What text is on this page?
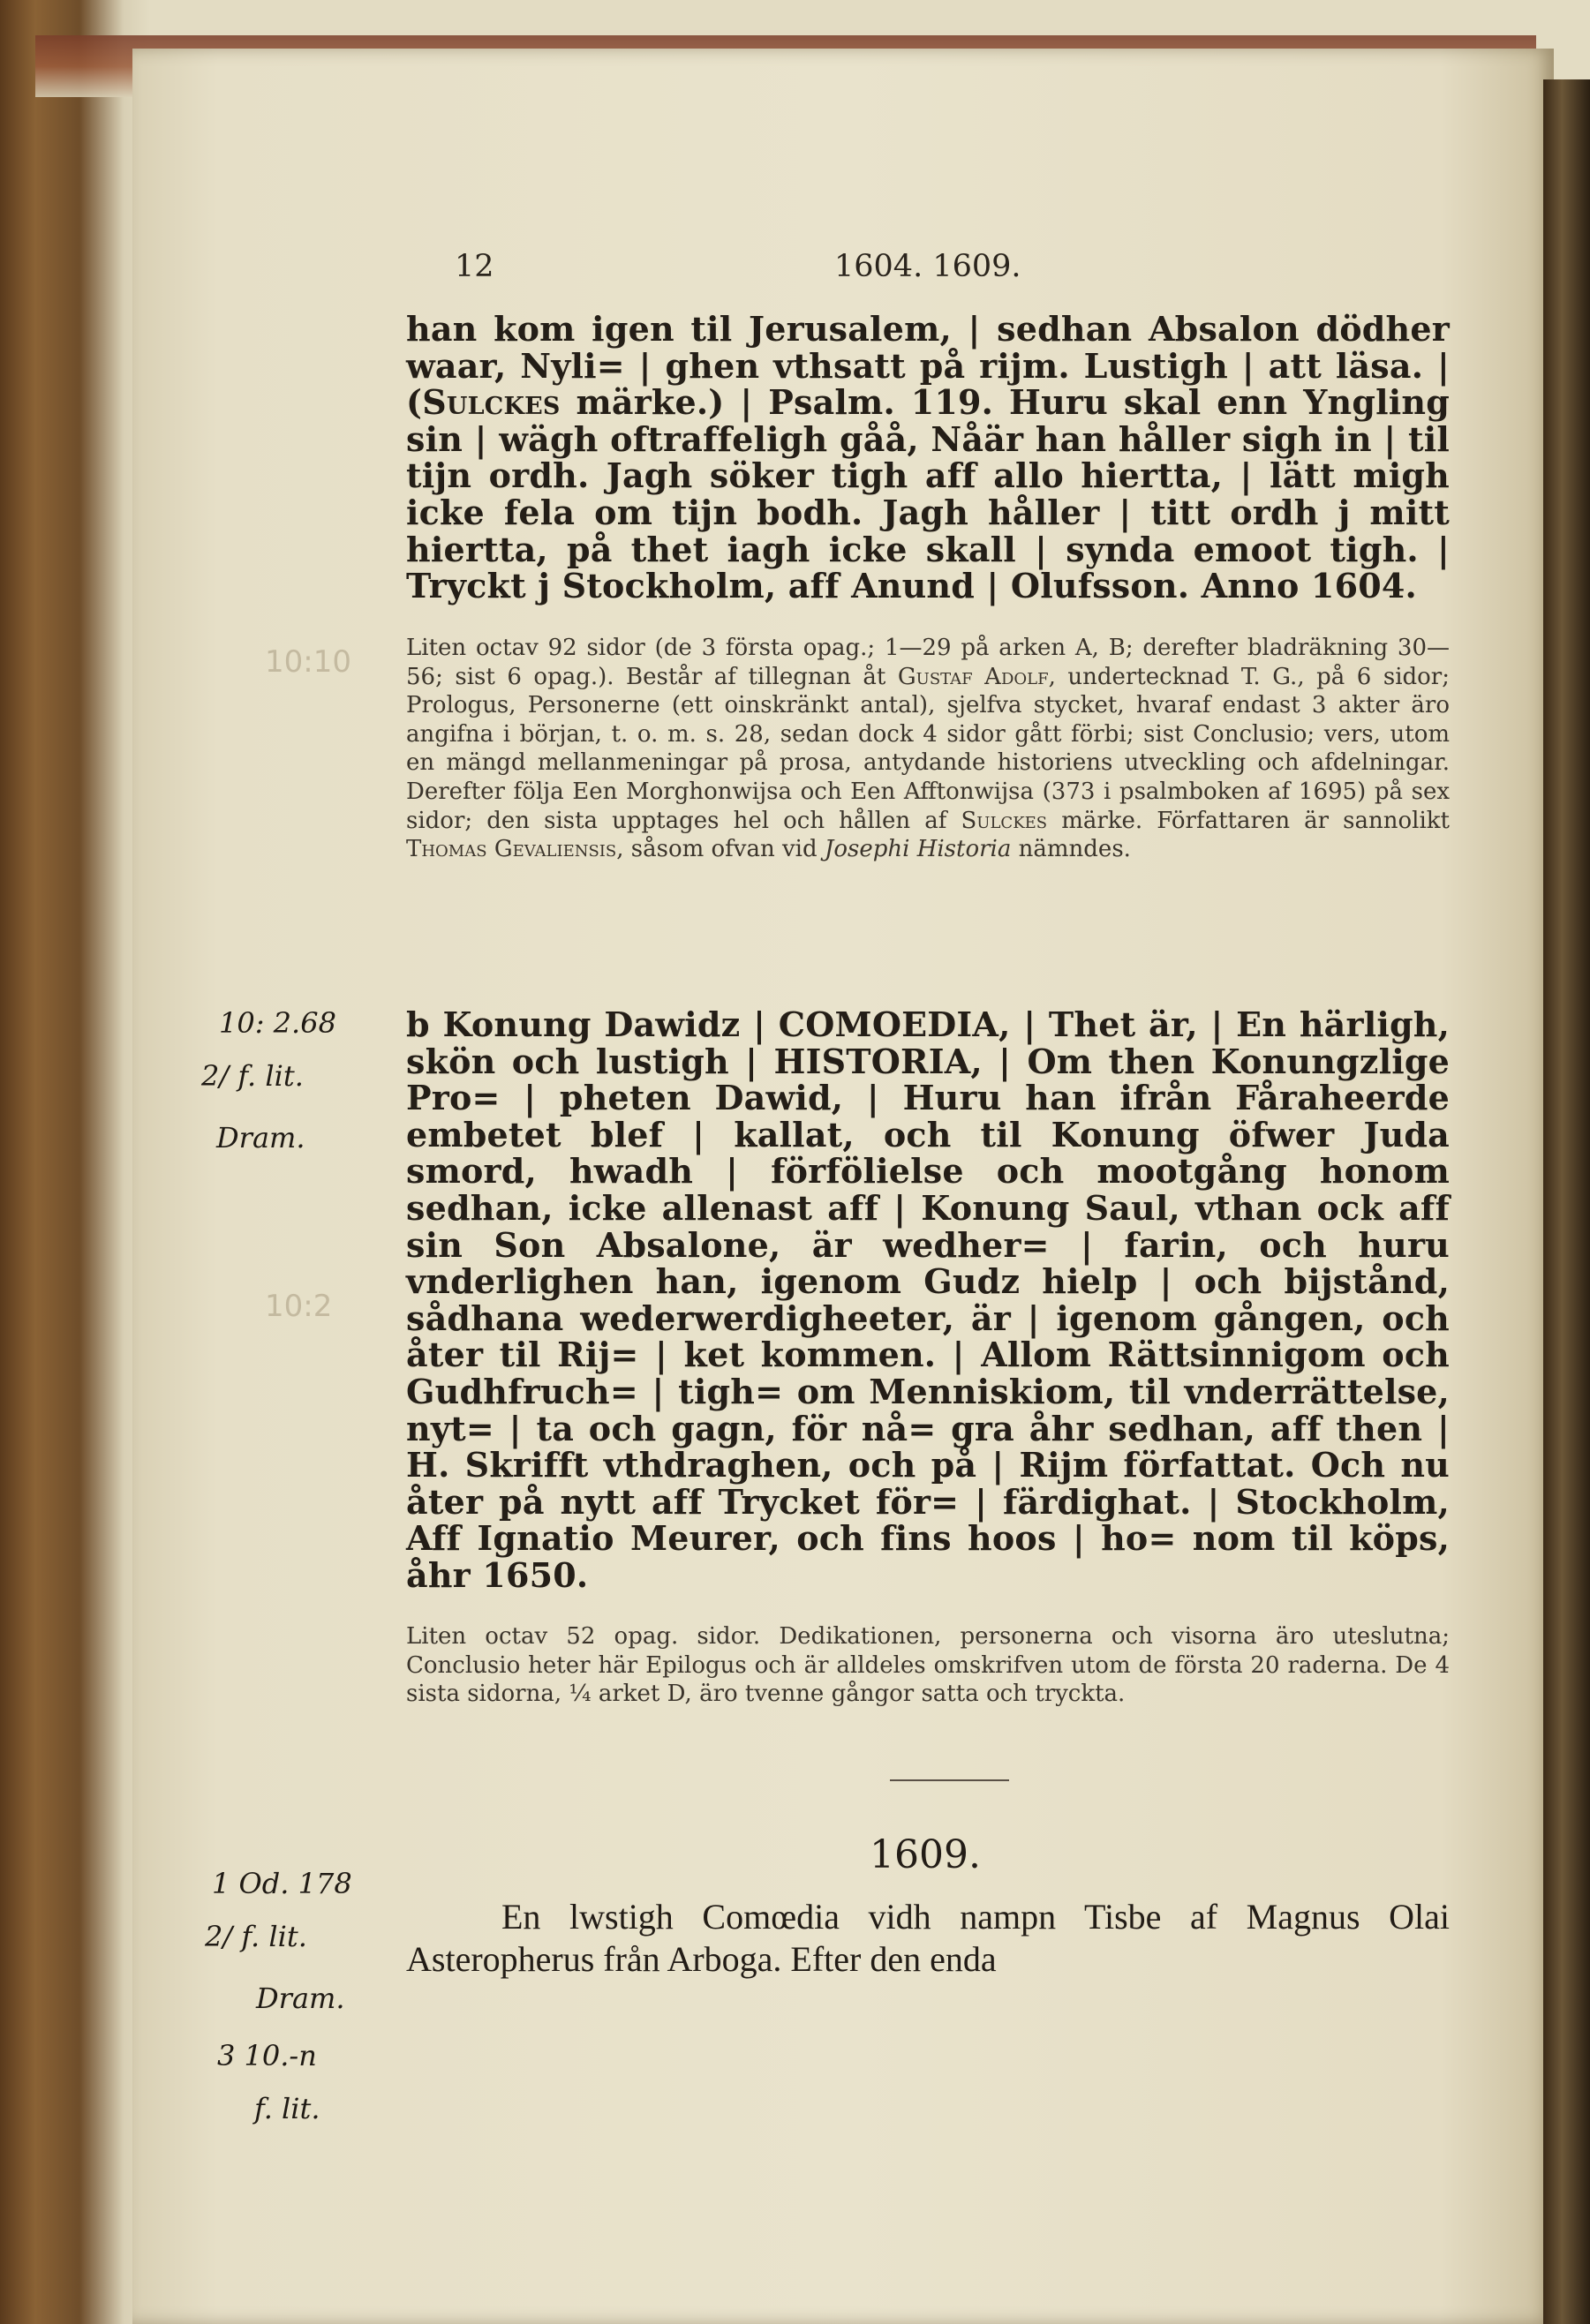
12	1604. 1609.
10:10
10:2
han kom igen til Jerusalem, | sedhan Absalon dödher waar, Nyli= | ghen vthsatt på rijm. Lustigh | att läsa. | (Sulckes märke.) | Psalm. 119. Huru skal enn Yngling sin | wägh oftraffeligh gåå, Nåär han håller sigh in | til tijn ordh. Jagh söker tigh aff allo hiertta, | lätt migh icke fela om tijn bodh. Jagh håller | titt ordh j mitt hiertta, på thet iagh icke skall | synda emoot tigh. | Tryckt j Stockholm, aff Anund | Olufsson. Anno 1604.
Liten octav 92 sidor (de 3 första opag.; 1—29 på arken A, B; derefter bladräkning 30—56; sist 6 opag.). Består af tillegnan åt Gustaf Adolf, undertecknad T. G., på 6 sidor; Prologus, Personerne (ett oinskränkt antal), sjelfva stycket, hvaraf endast 3 akter äro angifna i början, t. o. m. s. 28, sedan dock 4 sidor gått förbi; sist Conclusio; vers, utom en mängd mellanmeningar på prosa, antydande historiens utveckling och afdelningar. Derefter följa Een Morghonwijsa och Een Afftonwijsa (373 i psalmboken af 1695) på sex sidor; den sista upptages hel och hållen af Sulckes märke. Författaren är sannolikt Thomas Gevaliensis, såsom ofvan vid Josephi Historia nämndes.
b Konung Dawidz | COMOEDIA, | Thet är, | En härligh, skön och lustigh | HISTORIA, | Om then Konungzlige Pro= | pheten Dawid, | Huru han ifrån Fåraheerde embetet blef | kallat, och til Konung öfwer Juda smord, hwadh | förfölielse och mootgång honom sedhan, icke allenast aff | Konung Saul, vthan ock aff sin Son Absalone, är wedher= | farin, och huru vnderlighen han, igenom Gudz hielp | och bijstånd, sådhana wederwerdigheeter, är | igenom gången, och åter til Rij= | ket kommen. | Allom Rättsinnigom och Gudhfruch= | tigh= om Menniskiom, til vnderrättelse, nyt= | ta och gagn, för nå= gra åhr sedhan, aff then | H. Skrifft vthdraghen, och på | Rijm författat. Och nu åter på nytt aff Trycket för= | färdighat. | Stockholm, Aff Ignatio Meurer, och fins hoos | ho= nom til köps, åhr 1650.
Liten octav 52 opag. sidor. Dedikationen, personerna och visorna äro uteslutna; Conclusio heter här Epilogus och är alldeles omskrifven utom de första 20 raderna. De 4 sista sidorna, ¼ arket D, äro tvenne gångor satta och tryckta.
1609.
En lwstigh Comœdia vidh nampn Tisbe af Magnus Olai Asteropherus från Arboga. Efter den enda
10: 2.68
2/ f. lit.
Dram.
1 Od. 178
2/ f. lit.
Dram.
3 10.-n
f. lit.
